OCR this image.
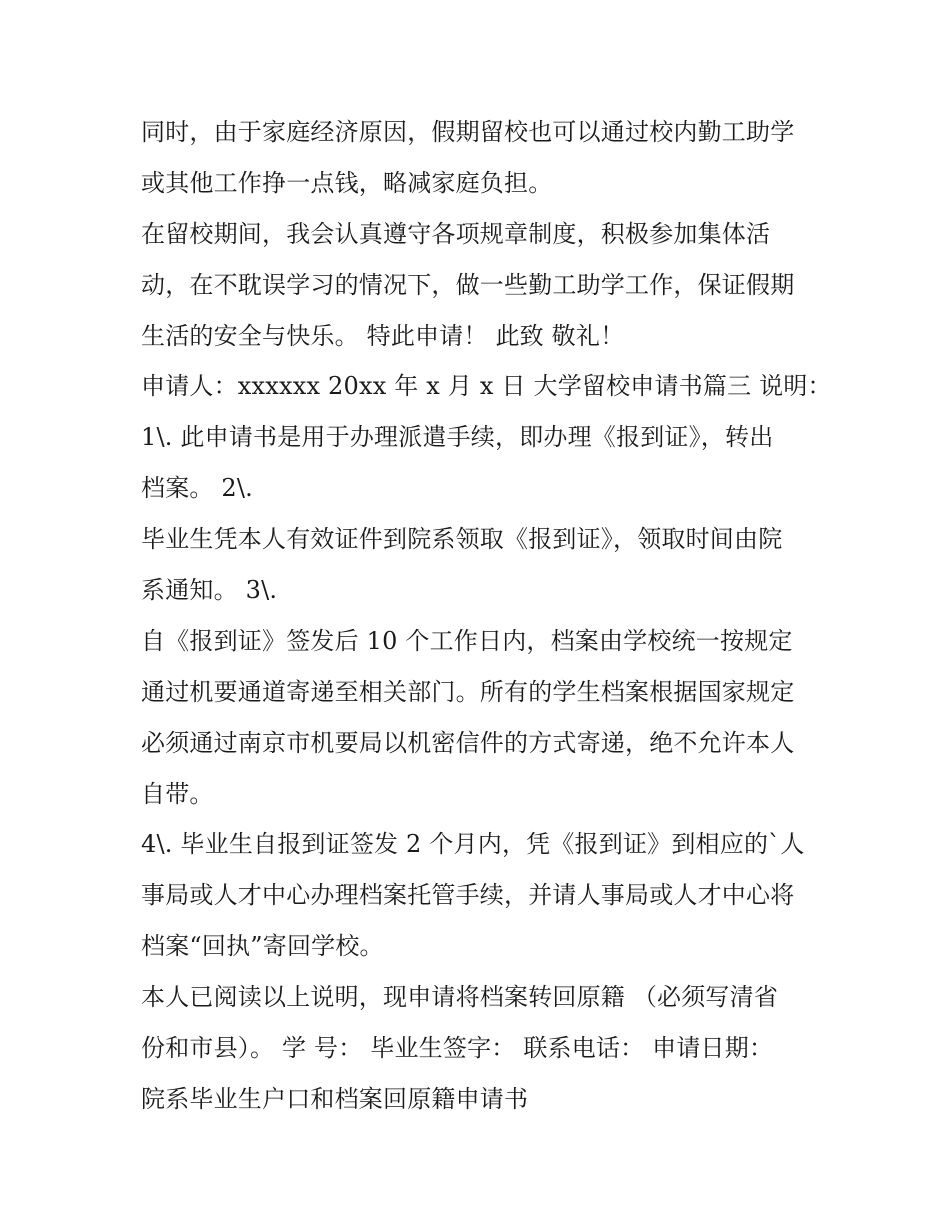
同时，由于家庭经济原因，假期留校也可以通过校内勤工助学
或其他工作挣一点钱，略减家庭负担。
在留校期间，我会认真遵守各项规章制度，积极参加集体活
动，在不耽误学习的情况下，做一些勤工助学工作，保证假期
生活的安全与快乐。 特此申请！ 此致 敬礼！
申请人：xxxxxx 20xx 年 x 月 x 日 大学留校申请书篇三 说明：
1\. 此申请书是用于办理派遣手续，即办理《报到证》，转出
档案。 2\.
毕业生凭本人有效证件到院系领取《报到证》，领取时间由院
系通知。 3\.
自《报到证》签发后 10 个工作日内，档案由学校统一按规定
通过机要通道寄递至相关部门。所有的学生档案根据国家规定
必须通过南京市机要局以机密信件的方式寄递，绝不允许本人
自带。
4\. 毕业生自报到证签发 2 个月内，凭《报到证》到相应的`人
事局或人才中心办理档案托管手续，并请人事局或人才中心将
档案“回执”寄回学校。
本人已阅读以上说明，现申请将档案转回原籍 （必须写清省
份和市县）。 学 号： 毕业生签字： 联系电话： 申请日期：
院系毕业生户口和档案回原籍申请书
